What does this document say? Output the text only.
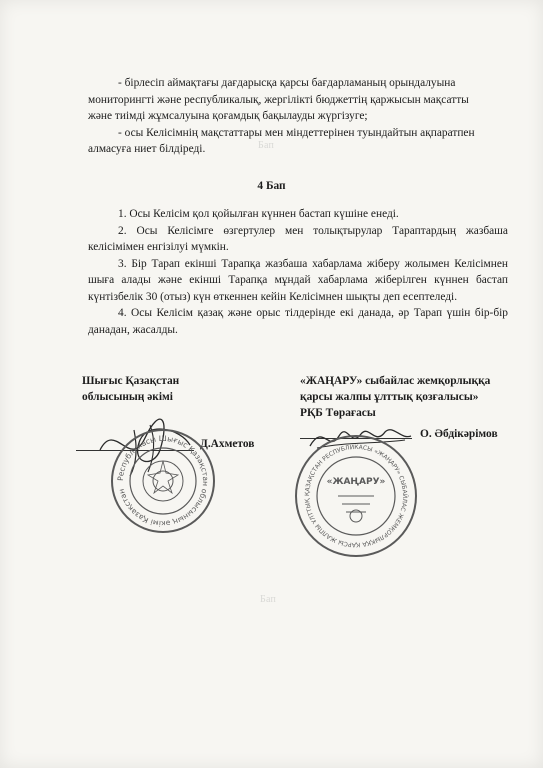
Бап
Бап

- бірлесіп аймақтағы дағдарысқа қарсы бағдарламаның орындалуына

мониторингті және республикалық, жергілікті бюджеттің қаржысын мақсатты

және тиімді жұмсалуына қоғамдық бақылауды жүргізуге;

- осы Келісімнің мақстаттары мен міндеттерінен туындайтын ақпаратпен

алмасуға ниет білдіреді.

4 Бап

1. Осы Келісім қол қойылған күннен бастап күшіне енеді.

2. Осы Келісімге өзгертулер мен толықтырулар Тараптардың жазбаша келісімімен енгізілуі мүмкін.

3. Бір Тарап екінші Тарапқа жазбаша хабарлама жіберу жолымен Келісімнен шыға алады және екінші Тарапқа мұндай хабарлама жіберілген күннен бастап күнтізбелік 30 (отыз) күн өткеннен кейін Келісімнен шықты деп есептеледі.

4. Осы Келісім қазақ және орыс тілдерінде екі данада, әр Тарап үшін бір-бір данадан, жасалды.

Шығыс Қазақстан
облысының әкімі
Д.Ахметов
Республикасы Шығыс Қазақстан облысының әкімі Қазақстан
«ЖАҢАРУ» сыбайлас жемқорлыққа
қарсы жалпы ұлттық қозғалысы»
РҚБ Төрағасы
О. Әбдікәрімов
ҚАЗАҚСТАН РЕСПУБЛИКАСЫ «ЖАҢАРУ» СЫБАЙЛАС ЖЕМҚОРЛЫҚҚА ҚАРСЫ ЖАЛПЫ ҰЛТТЫҚ ҚОЗҒАЛЫСЫ
«ЖАҢАРУ»
